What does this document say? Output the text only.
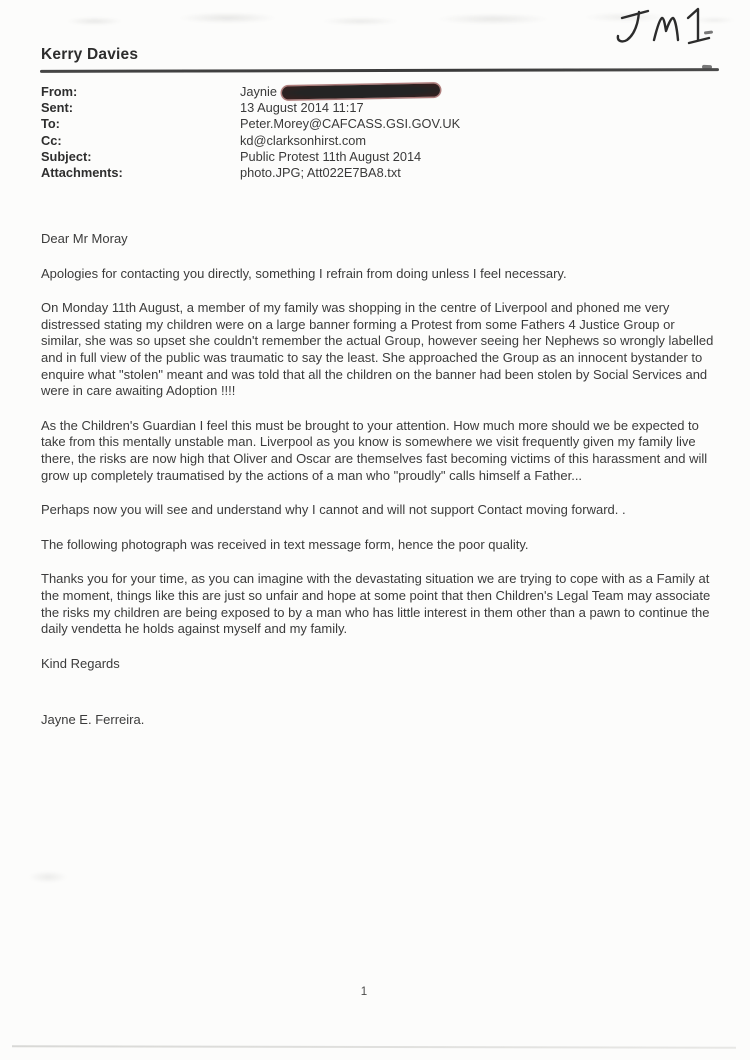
Kerry Davies
From:	Jaynie
Sent:	13 August 2014 11:17
To:	Peter.Morey@CAFCASS.GSI.GOV.UK
Cc:	kd@clarksonhirst.com
Subject:	Public Protest 11th August 2014
Attachments:	photo.JPG; Att022E7BA8.txt

Dear Mr Moray

Apologies for contacting you directly, something I refrain from doing unless I feel necessary.

On Monday 11th August, a member of my family was shopping in the centre of Liverpool and phoned me very distressed stating my children were on a large banner forming a Protest from some Fathers 4 Justice Group or similar, she was so upset she couldn't remember the actual Group, however seeing her Nephews so wrongly labelled and in full view of the public was traumatic to say the least. She approached the Group as an innocent bystander to enquire what "stolen" meant and was told that all the children on the banner had been stolen by Social Services and were in care awaiting Adoption !!!!

As the Children's Guardian I feel this must be brought to your attention. How much more should we be expected to take from this mentally unstable man. Liverpool as you know is somewhere we visit frequently given my family live there, the risks are now high that Oliver and Oscar are themselves fast becoming victims of this harassment and will grow up completely traumatised by the actions of a man who "proudly" calls himself a Father...

Perhaps now you will see and understand why I cannot and will not support Contact moving forward. .

The following photograph was received in text message form, hence the poor quality.

Thanks you for your time, as you can imagine with the devastating situation we are trying to cope with as a Family at the moment, things like this are just so unfair and hope at some point that then Children's Legal Team may associate the risks my children are being exposed to by a man who has little interest in them other than a pawn to continue the daily vendetta he holds against myself and my family.

Kind Regards

Jayne E. Ferreira.

1
